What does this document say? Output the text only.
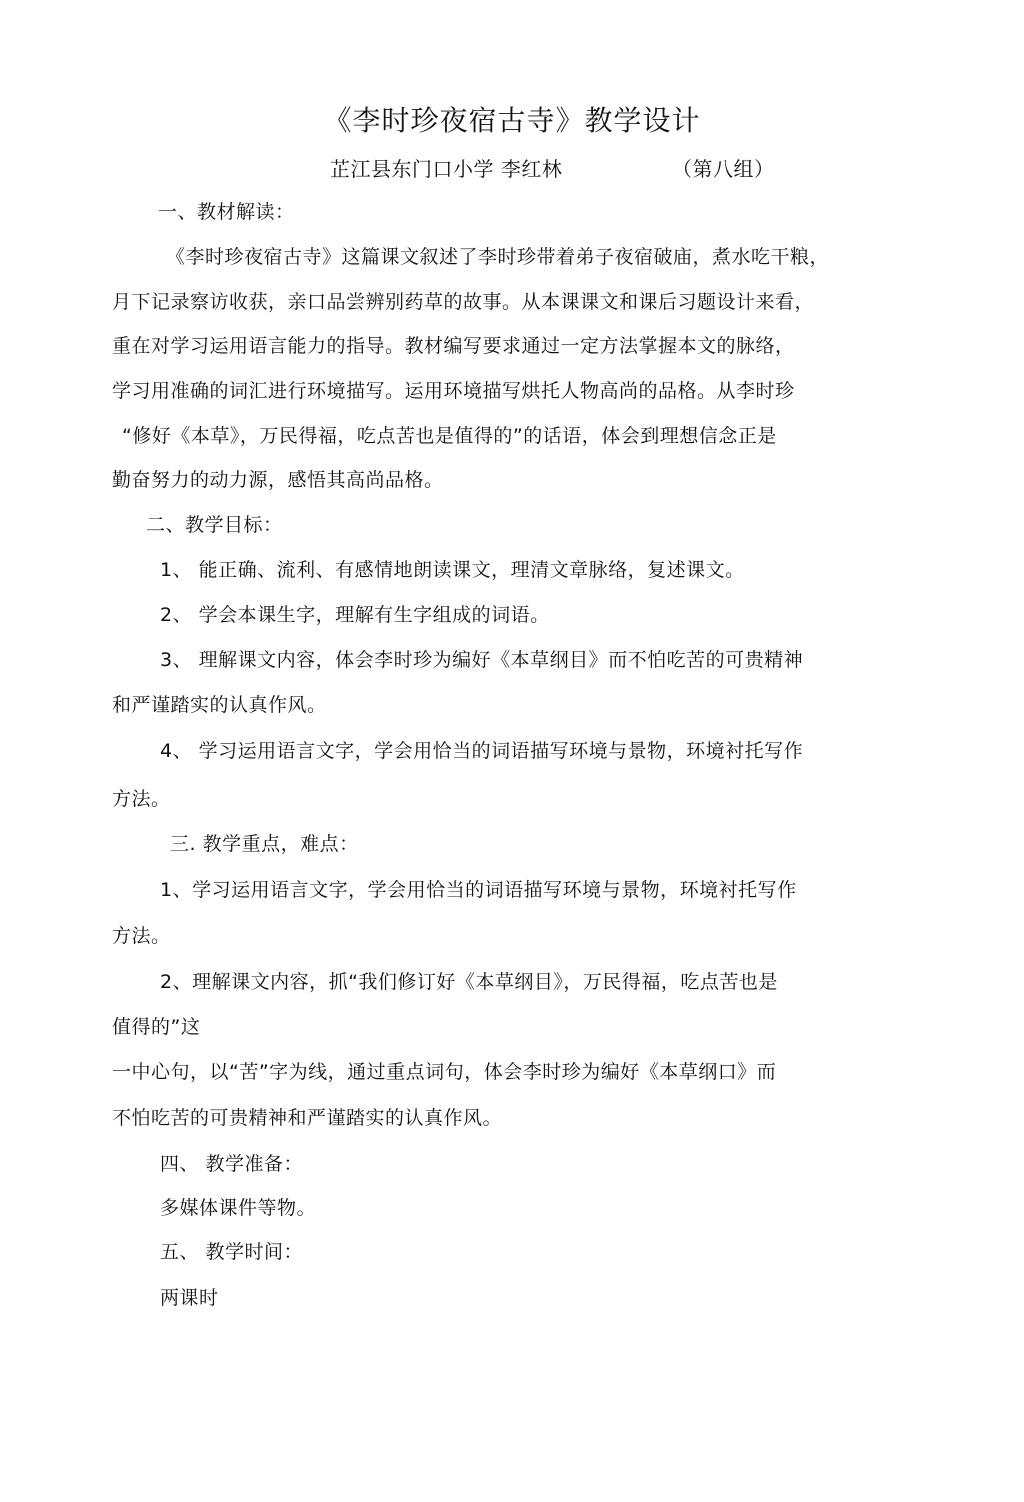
《李时珍夜宿古寺》教学设计
芷江县东门口小学 李红林	（第八组）
一、教材解读：
《李时珍夜宿古寺》这篇课文叙述了李时珍带着弟子夜宿破庙，煮水吃干粮，
月下记录察访收获，亲口品尝辨别药草的故事。从本课课文和课后习题设计来看，
重在对学习运用语言能力的指导。教材编写要求通过一定方法掌握本文的脉络，
学习用准确的词汇进行环境描写。运用环境描写烘托人物高尚的品格。从李时珍
“修好《本草》，万民得福，吃点苦也是值得的”的话语，体会到理想信念正是
勤奋努力的动力源，感悟其高尚品格。
二、教学目标：
1、 能正确、流利、有感情地朗读课文，理清文章脉络，复述课文。
2、 学会本课生字，理解有生字组成的词语。
3、 理解课文内容，体会李时珍为编好《本草纲目》而不怕吃苦的可贵精神
和严谨踏实的认真作风。
4、 学习运用语言文字，学会用恰当的词语描写环境与景物，环境衬托写作
方法。
三. 教学重点，难点：
1、学习运用语言文字，学会用恰当的词语描写环境与景物，环境衬托写作
方法。
2、理解课文内容，抓“我们修订好《本草纲目》，万民得福，吃点苦也是
值得的”这
一中心句，以“苦”字为线，通过重点词句，体会李时珍为编好《本草纲口》而
不怕吃苦的可贵精神和严谨踏实的认真作风。
四、 教学准备：
多媒体课件等物。
五、 教学时间：
两课时
